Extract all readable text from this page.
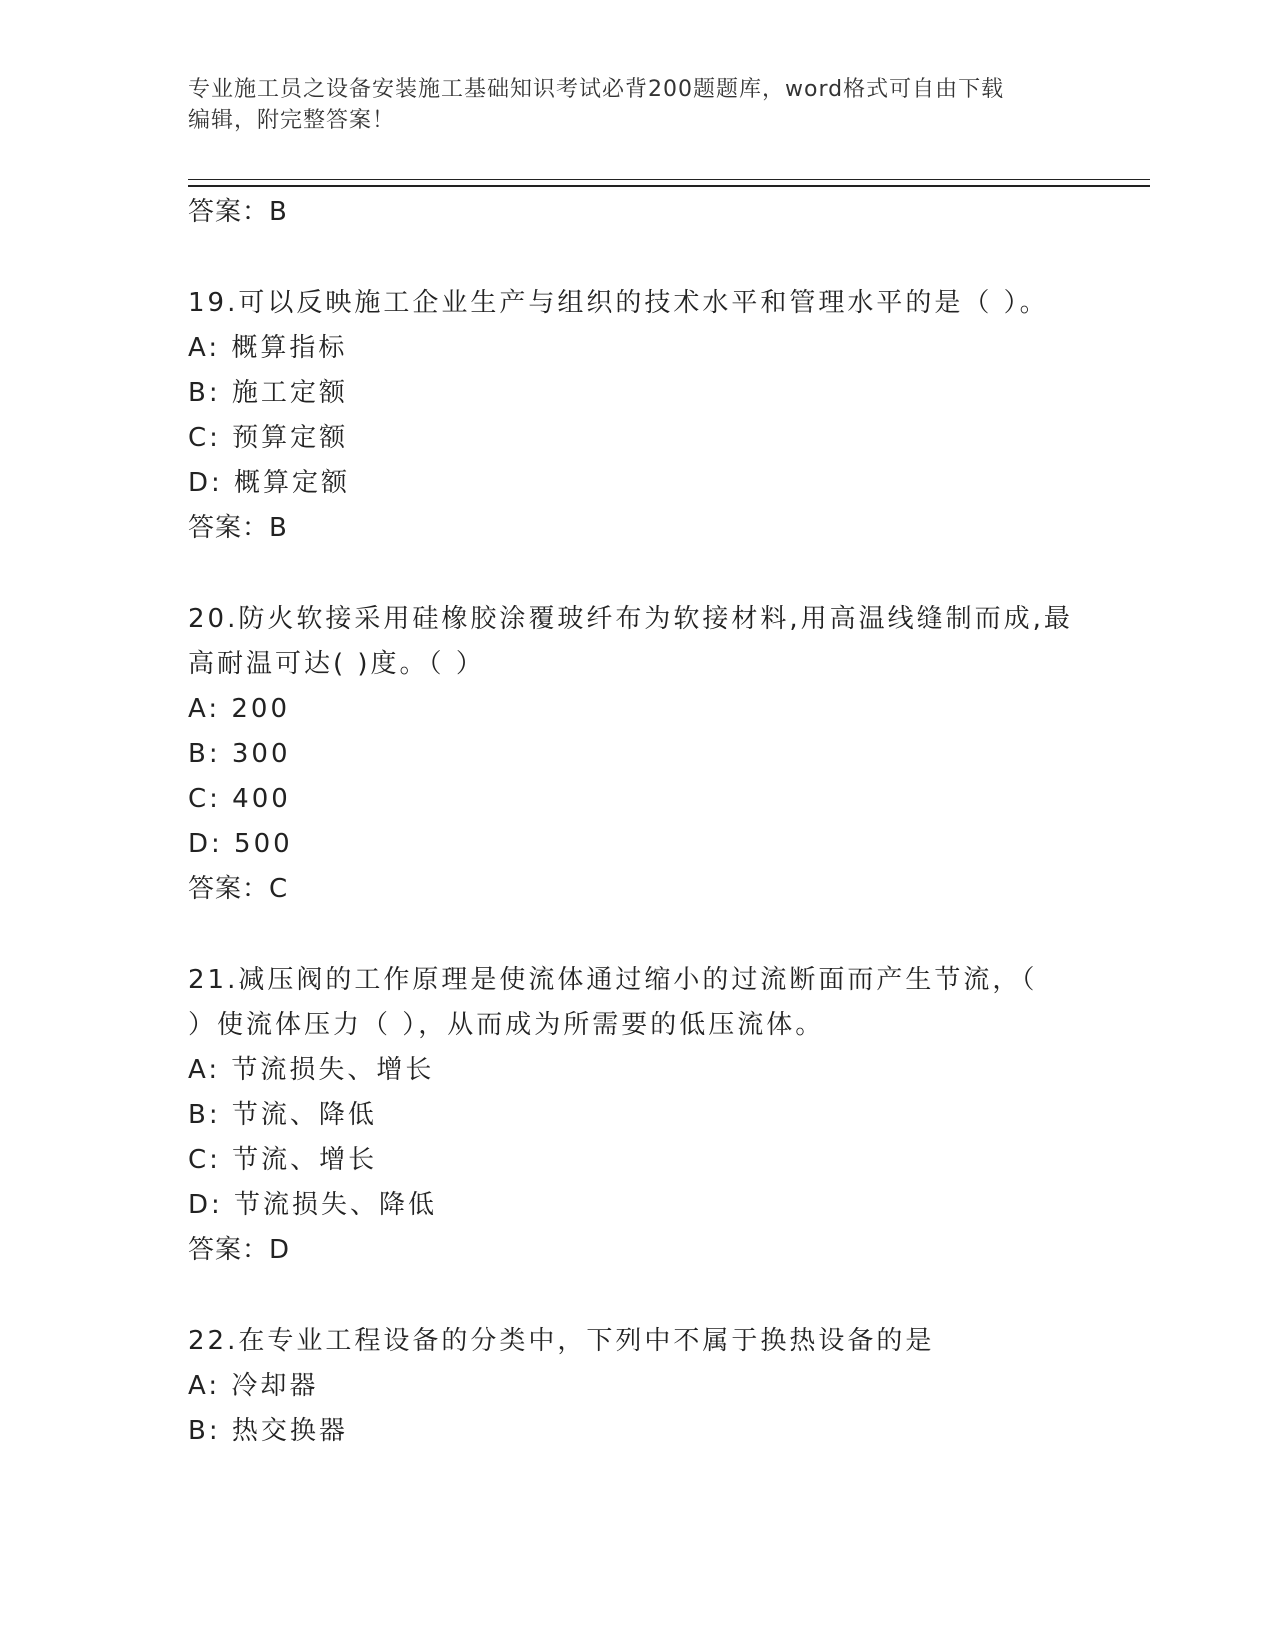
专业施工员之设备安装施工基础知识考试必背200题题库，word格式可自由下载
编辑，附完整答案！
答案：B
19.可以反映施工企业生产与组织的技术水平和管理水平的是（ ）。
A: 概算指标
B: 施工定额
C: 预算定额
D: 概算定额
答案：B
20.防火软接采用硅橡胶涂覆玻纤布为软接材料,用高温线缝制而成,最
高耐温可达( )度。（ ）
A: 200
B: 300
C: 400
D: 500
答案：C
21.减压阀的工作原理是使流体通过缩小的过流断面而产生节流，（
）使流体压力（ ），从而成为所需要的低压流体。
A: 节流损失、增长
B: 节流、降低
C: 节流、增长
D: 节流损失、降低
答案：D
22.在专业工程设备的分类中，下列中不属于换热设备的是
A: 冷却器
B: 热交换器
